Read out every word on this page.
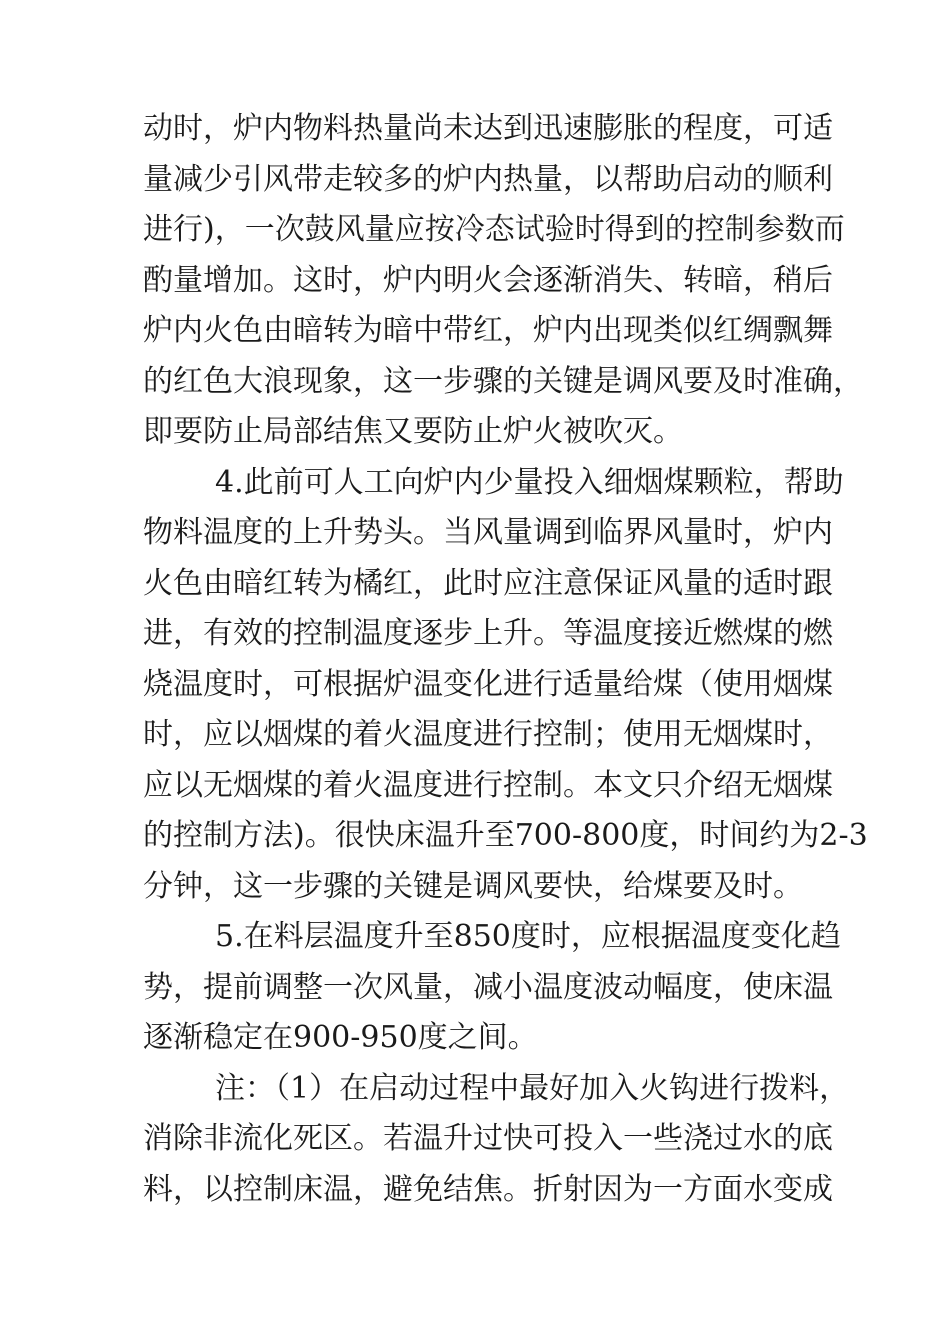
动时，炉内物料热量尚未达到迅速膨胀的程度，可适
量减少引风带走较多的炉内热量，以帮助启动的顺利
进行)，一次鼓风量应按冷态试验时得到的控制参数而
酌量增加。这时，炉内明火会逐渐消失、转暗，稍后
炉内火色由暗转为暗中带红，炉内出现类似红绸飘舞
的红色大浪现象，这一步骤的关键是调风要及时准确，
即要防止局部结焦又要防止炉火被吹灭。
4.此前可人工向炉内少量投入细烟煤颗粒，帮助
物料温度的上升势头。当风量调到临界风量时，炉内
火色由暗红转为橘红，此时应注意保证风量的适时跟
进，有效的控制温度逐步上升。等温度接近燃煤的燃
烧温度时，可根据炉温变化进行适量给煤（使用烟煤
时，应以烟煤的着火温度进行控制；使用无烟煤时，
应以无烟煤的着火温度进行控制。本文只介绍无烟煤
的控制方法)。很快床温升至700-800度，时间约为2-3
分钟，这一步骤的关键是调风要快，给煤要及时。
5.在料层温度升至850度时，应根据温度变化趋
势，提前调整一次风量，减小温度波动幅度，使床温
逐渐稳定在900-950度之间。
注：（1）在启动过程中最好加入火钩进行拨料，
消除非流化死区。若温升过快可投入一些浇过水的底
料，以控制床温，避免结焦。折射因为一方面水变成
